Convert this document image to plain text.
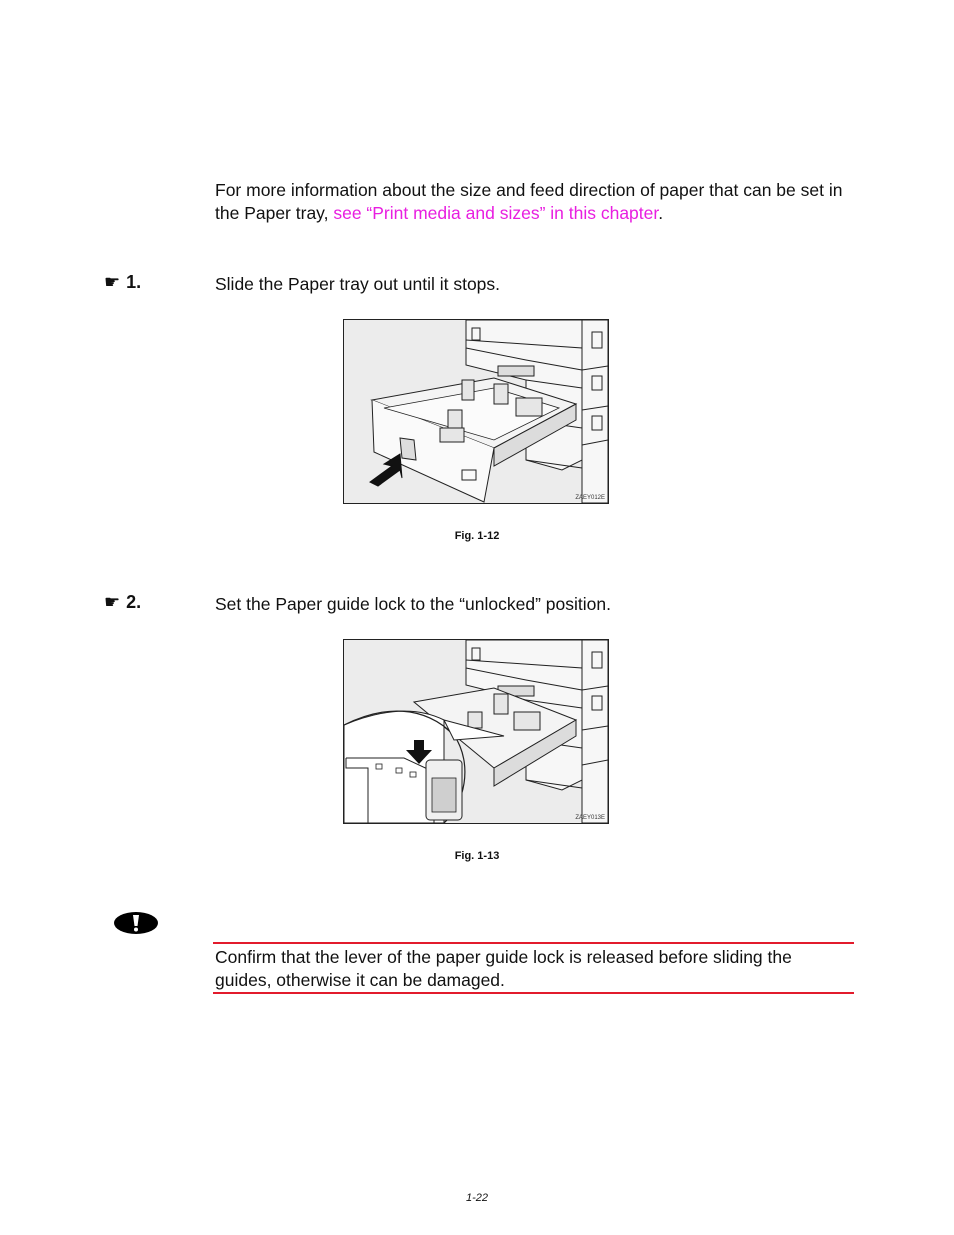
For more information about the size and feed direction of paper that can be set in the Paper tray, see “Print media and sizes” in this chapter.
☛ 1.	Slide the Paper tray out until it stops.
ZAEY012E
Fig. 1-12
☛ 2.	Set the Paper guide lock to the “unlocked” position.
ZAEY013E
Fig. 1-13
Confirm that the lever of the paper guide lock is released before sliding the guides, otherwise it can be damaged.
1-22
